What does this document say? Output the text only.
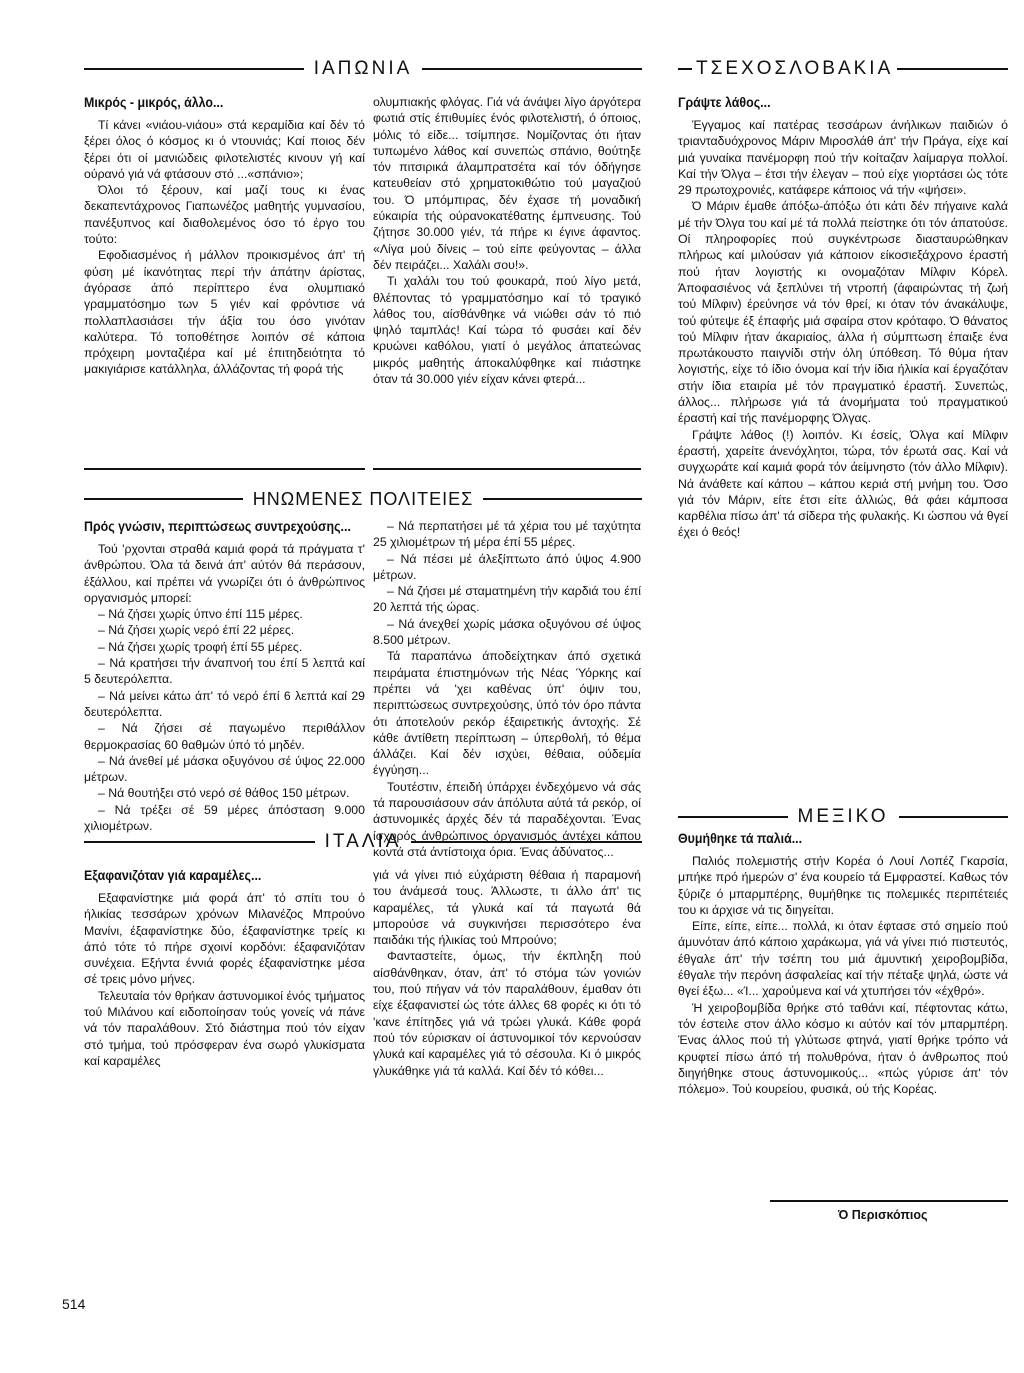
ΙΑΠΩΝΙΑ	ΤΣΕΧΟΣΛΟΒΑΚΙΑ
Μικρός - μικρός, άλλο...

Τί κάνει «νιάου-νιάου» στά κεραμίδια καί δέν τό ξέρει όλος ό κόσμος κι ό ντουνιάς; Καί ποιος δέν ξέρει ότι οί μανιώδεις φιλοτελιστές κινουν γή καί ούρανό γιά νά φτάσουν στό ...«σπάνιο»;

Όλοι τό ξέρουν, καί μαζί τους κι ένας δεκαπεντάχρονος Γιαπωνέζος μαθητής γυμνασίου, πανέξυπνος καί διαθολεμένος όσο τό έργο του τούτο:

Εφοδιασμένος ή μάλλον προικισμένος άπ' τή φύση μέ ίκανότητας περί τήν άπάτην άρίστας, άγόρασε άπό περίπτερο ένα ολυμπιακό γραμματόσημο των 5 γιέν καί φρόντισε νά πολλαπλασιάσει τήν άξία του όσο γινόταν καλύτερα. Τό τοποθέτησε λοιπόν σέ κάποια πρόχειρη μονταζιέρα καί μέ έπιτηδειότητα τό μακιγιάρισε κατάλληλα, άλλάζοντας τή φορά τής

ολυμπιακής φλόγας. Γιά νά άνάψει λίγο άργότερα φωτιά στίς έπιθυμίες ένός φιλοτελιστή, ό όποιος, μόλις τό είδε... τσίμπησε. Νομίζοντας ότι ήταν τυπωμένο λάθος καί συνεπώς σπάνιο, θούτηξε τόν πιτσιρικά άλαμπρατσέτα καί τόν όδήγησε κατευθείαν στό χρηματοκιθώτιο τού μαγαζιού του. Ό μπόμπιρας, δέν έχασε τή μοναδική εύκαιρία τής ούρανοκατέθατης έμπνευσης. Τού ζήτησε 30.000 γιέν, τά πήρε κι έγινε άφαντος. «Λίγα μού δίνεις – τού είπε φεύγοντας – άλλα δέν πειράζει... Χαλάλι σου!».

Τι χαλάλι του τού φουκαρά, πού λίγο μετά, θλέποντας τό γραμματόσημο καί τό τραγικό λάθος του, αίσθάνθηκε νά νιώθει σάν τό πιό ψηλό ταμπλάς! Καί τώρα τό φυσάει καί δέν κρυώνει καθόλου, γιατί ό μεγάλος άπατεώνας μικρός μαθητής άποκαλύφθηκε καί πιάστηκε όταν τά 30.000 γιέν είχαν κάνει φτερά...

Γράψτε λάθος...

Έγγαμος καί πατέρας τεσσάρων άνήλικων παιδιών ό τριανταδυόχρονος Μάριν Μιροσλάθ άπ' τήν Πράγα, είχε καί μιά γυναίκα πανέμορφη πού τήν κοίταζαν λαίμαργα πολλοί. Καί τήν Όλγα – έτσι τήν έλεγαν – πού είχε γιορτάσει ώς τότε 29 πρωτοχρονιές, κατάφερε κάποιος νά τήν «ψήσει».

Ό Μάριν έμαθε άπόξω-άπόξω ότι κάτι δέν πήγαινε καλά μέ τήν Όλγα του καί μέ τά πολλά πείστηκε ότι τόν άπατούσε. Οί πληροφορίες πού συγκέντρωσε διασταυρώθηκαν πλήρως καί μιλούσαν γιά κάποιον είκοσιεξάχρονο έραστή πού ήταν λογιστής κι ονομαζόταν Μίλφιν Κόρελ. Άποφασιένος νά ξεπλύνει τή ντροπή (άφαιρώντας τή ζωή τού Μίλφιν) έρεύνησε νά τόν θρεί, κι όταν τόν άνακάλυψε, τού φύτεψε έξ έπαφής μιά σφαίρα στον κρόταφο. Ό θάνατος τού Μίλφιν ήταν άκαριαίος, άλλα ή σύμπτωση έπαιξε ένα πρωτάκουστο παιγνίδι στήν όλη ύπόθεση. Τό θύμα ήταν λογιστής, είχε τό ίδιο όνομα καί τήν ίδια ήλικία καί έργαζόταν στήν ίδια εταιρία μέ τόν πραγματικό έραστή. Συνεπώς, άλλος... πλήρωσε γιά τά άνομήματα τού πραγματικού έραστή καί τής πανέμορφης Όλγας.

Γράψτε λάθος (!) λοιπόν. Κι έσείς, Όλγα καί Μίλφιν έραστή, χαρείτε άνενόχλητοι, τώρα, τόν έρωτά σας. Καί νά συγχωράτε καί καμιά φορά τόν άείμνηστο (τόν άλλο Μίλφιν). Νά άνάθετε καί κάπου – κάπου κεριά στή μνήμη του. Όσο γιά τόν Μάριν, είτε έτσι είτε άλλιώς, θά φάει κάμποσα καρθέλια πίσω άπ' τά σίδερα τής φυλακής. Κι ώσπου νά θγεί έχει ό θεός!

ΗΝΩΜΕΝΕΣ ΠΟΛΙΤΕΙΕΣ
Πρός γνώσιν, περιπτώσεως συντρεχούσης...

Τού 'ρχονται στραθά καμιά φορά τά πράγματα τ' άνθρώπου. Όλα τά δεινά άπ' αύτόν θά περάσουν, έξάλλου, καί πρέπει νά γνωρίζει ότι ό άνθρώπινος οργανισμός μπορεί:

– Νά ζήσει χωρίς ύπνο έπί 115 μέρες.

– Νά ζήσει χωρίς νερό έπί 22 μέρες.

– Νά ζήσει χωρίς τροφή έπί 55 μέρες.

– Νά κρατήσει τήν άναπνοή του έπί 5 λεπτά καί 5 δευτερόλεπτα.

– Νά μείνει κάτω άπ' τό νερό έπί 6 λεπτά καί 29 δευτερόλεπτα.

– Νά ζήσει σέ παγωμένο περιθάλλον θερμοκρασίας 60 θαθμών ύπό τό μηδέν.

– Νά άνεθεί μέ μάσκα οξυγόνου σέ ύψος 22.000 μέτρων.

– Νά θουτήξει στό νερό σέ θάθος 150 μέτρων.

– Νά τρέξει σέ 59 μέρες άπόσταση 9.000 χιλιομέτρων.

– Νά περπατήσει μέ τά χέρια του μέ ταχύτητα 25 χιλιομέτρων τή μέρα έπί 55 μέρες.

– Νά πέσει μέ άλεξίπτωτο άπό ύψος 4.900 μέτρων.

– Νά ζήσει μέ σταματημένη τήν καρδιά του έπί 20 λεπτά τής ώρας.

– Νά άνεχθεί χωρίς μάσκα οξυγόνου σέ ύψος 8.500 μέτρων.

Τά παραπάνω άποδείχτηκαν άπό σχετικά πειράματα έπιστημόνων τής Νέας Ύόρκης καί πρέπει νά 'χει καθένας ύπ' όψιν του, περιπτώσεως συντρεχούσης, ύπό τόν όρο πάντα ότι άποτελούν ρεκόρ έξαιρετικής άντοχής. Σέ κάθε άντίθετη περίπτωση – ύπερθολή, τό θέμα άλλάζει. Καί δέν ισχύει, θέθαια, ούδεμία έγγύηση...

Τουτέστιν, έπειδή ύπάρχει ένδεχόμενο νά σάς τά παρουσιάσουν σάν άπόλυτα αύτά τά ρεκόρ, οί άστυνομικές άρχές δέν τά παραδέχονται. Ένας ίσχυρός άνθρώπινος όργανισμός άντέχει κάπου κοντά στά άντίστοιχα όρια. Ένας άδύνατος...

ΜΕΞΙΚΟ
Θυμήθηκε τά παλιά...

Παλιός πολεμιστής στήν Κορέα ό Λουί Λοπέζ Γκαρσία, μπήκε πρό ήμερών σ' ένα κουρείο τά Εμφραστεί. Καθως τόν ξύριζε ό μπαρμπέρης, θυμήθηκε τις πολεμικές περιπέτειές του κι άρχισε νά τις διηγείται.

Είπε, είπε, είπε... πολλά, κι όταν έφτασε στό σημείο πού άμυνόταν άπό κάποιο χαράκωμα, γιά νά γίνει πιό πιστευτός, έθγαλε άπ' τήν τσέπη του μιά άμυντική χειροβομβίδα, έθγαλε τήν περόνη άσφαλείας καί τήν πέταξε ψηλά, ώστε νά θγεί έξω... «Ί... χαρούμενα καί νά χτυπήσει τόν «έχθρό».

Ή χειροβομβίδα θρήκε στό ταθάνι καί, πέφτοντας κάτω, τόν έστειλε στον άλλο κόσμο κι αύτόν καί τόν μπαρμπέρη. Ένας άλλος πού τή γλύτωσε φτηνά, γιατί θρήκε τρόπο νά κρυφτεί πίσω άπό τή πολυθρόνα, ήταν ό άνθρωπος πού διηγήθηκε στους άστυνομικούς... «πώς γύρισε άπ' τόν πόλεμο». Τού κουρείου, φυσικά, ού τής Κορέας.

Ό Περισκόπιος
ΙΤΑΛΙΑ
Εξαφανιζόταν γιά καραμέλες...

Εξαφανίστηκε μιά φορά άπ' τό σπίτι του ό ήλικίας τεσσάρων χρόνων Μιλανέζος Μπρούνο Μανίνι, έξαφανίστηκε δύο, έξαφανίστηκε τρείς κι άπό τότε τό πήρε σχοινί κορδόνι: έξαφανιζόταν συνέχεια. Εξήντα έννιά φορές έξαφανίστηκε μέσα σέ τρεις μόνο μήνες.

Τελευταία τόν θρήκαν άστυνομικοί ένός τμήματος τού Μιλάνου καί ειδοποίησαν τούς γονείς νά πάνε νά τόν παραλάθουν. Στό διάστημα πού τόν είχαν στό τμήμα, τού πρόσφεραν ένα σωρό γλυκίσματα καί καραμέλες

γιά νά γίνει πιό εύχάριστη θέθαια ή παραμονή του άνάμεσά τους. Άλλωστε, τι άλλο άπ' τις καραμέλες, τά γλυκά καί τά παγωτά θά μπορούσε νά συγκινήσει περισσότερο ένα παιδάκι τής ήλικίας τού Μπρούνο;

Φανταστείτε, όμως, τήν έκπληξη πού αίσθάνθηκαν, όταν, άπ' τό στόμα τών γονιών του, πού πήγαν νά τόν παραλάθουν, έμαθαν ότι είχε έξαφανιστεί ώς τότε άλλες 68 φορές κι ότι τό 'κανε έπίτηδες γιά νά τρώει γλυκά. Κάθε φορά πού τόν εύρισκαν οί άστυνομικοί τόν κερνούσαν γλυκά καί καραμέλες γιά τό σέσουλα. Κι ό μικρός γλυκάθηκε γιά τά καλλά. Καί δέν τό κόθει...

514
